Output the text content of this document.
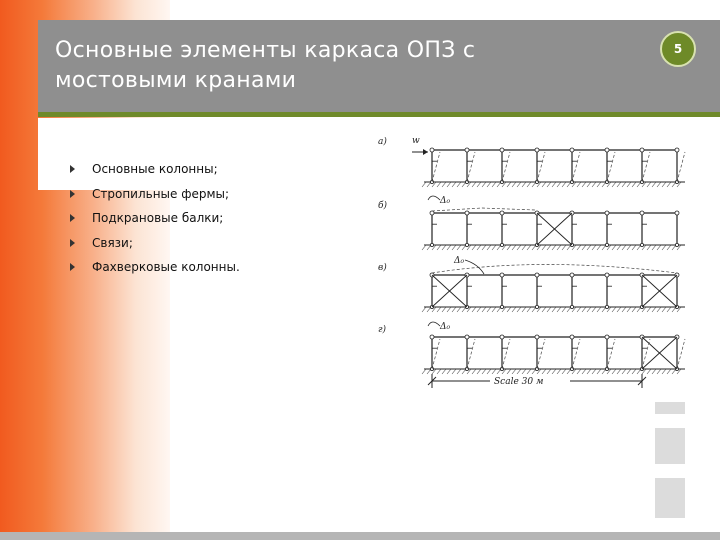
Основные элементы каркаса ОПЗ с мостовыми кранами
5
Основные колонны;
Стропильные фермы;
Подкрановые балки;
Связи;
Фахверковые колонны.
а)	w
б)	Δ₀
в)
Δ₀
г)	Δ₀
Scale 30 м
